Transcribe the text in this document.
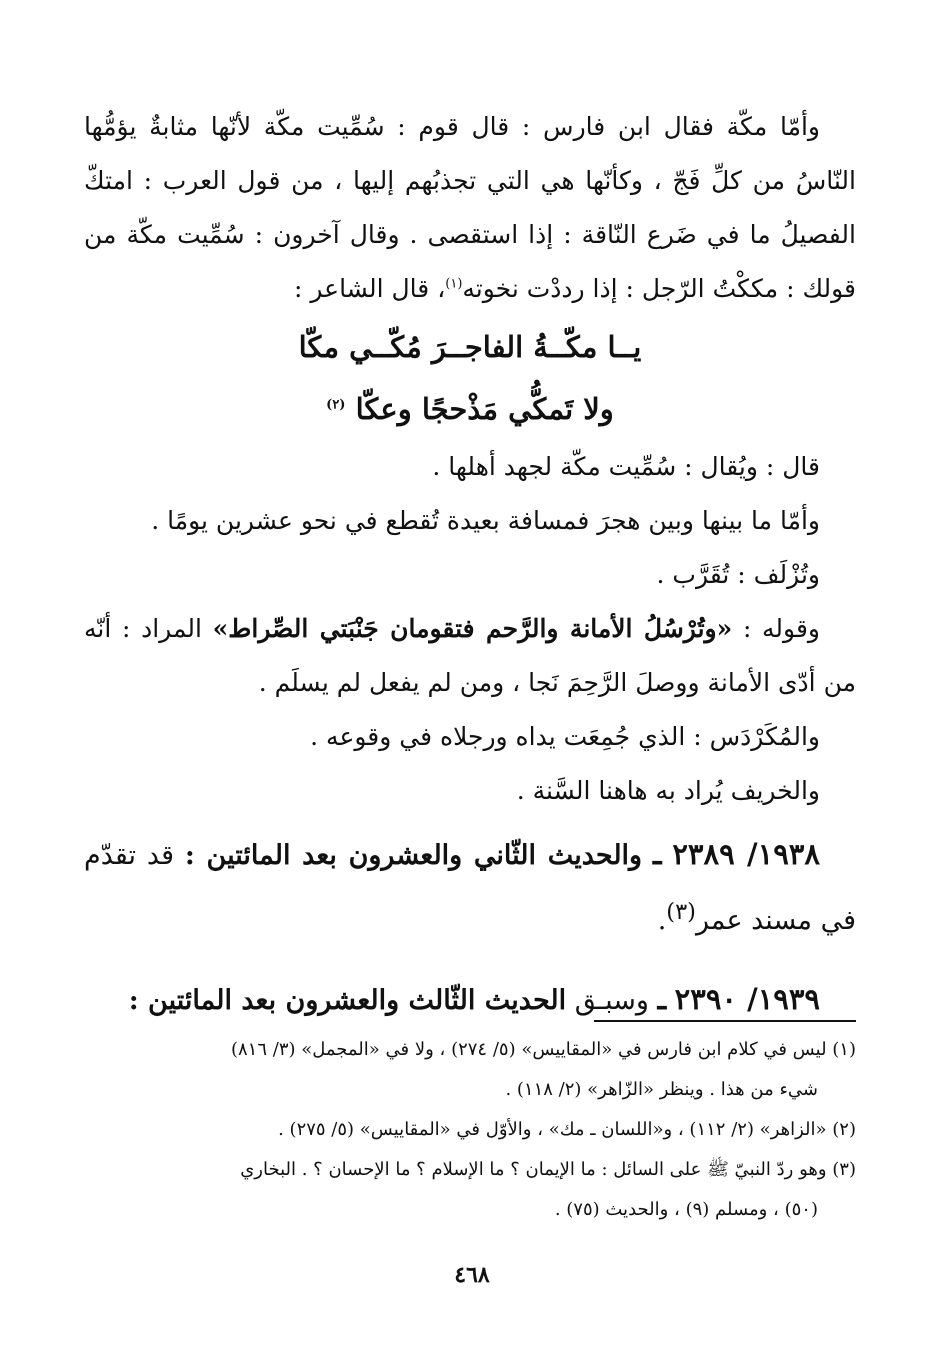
وأمّا مكّة فقال ابن فارس : قال قوم : سُمِّيت مكّة لأنّها مثابةٌ يؤمُّها النّاسُ من كلِّ فَجّ ، وكأنّها هي التي تجذبُهم إليها ، من قول العرب : امتكّ الفصيلُ ما في ضَرع النّاقة : إذا استقصى . وقال آخرون : سُمِّيت مكّة من قولك : مككْتُ الرّجل : إذا رددْت نخوته$^{(١)}$، قال الشاعر :

يــا مكّــةُ الفاجــرَ مُكّــي مكّا

ولا تَمكُّي مَذْحجًا وعكّا $^{(٢)}$

قال : ويُقال : سُمِّيت مكّة لجهد أهلها .

وأمّا ما بينها وبين هجرَ فمسافة بعيدة تُقطع في نحو عشرين يومًا .

وتُزْلَف : تُقَرَّب .

وقوله : «وتُرْسُلُ الأمانة والرَّحم فتقومان جَنْبَتي الصِّراط» المراد : أنّه من أدّى الأمانة ووصلَ الرَّحِمَ نَجا ، ومن لم يفعل لم يسلَم .

والمُكَرْدَس : الذي جُمِعَت يداه ورجلاه في وقوعه .

والخريف يُراد به هاهنا السَّنة .

١٩٣٨/ ٢٣٨٩ ـ والحديث الثّاني والعشرون بعد المائتين : قد تقدّم في مسند عمر$^{(٣)}$.

١٩٣٩/ ٢٣٩٠ ـ وسبـق الحديث الثّالث والعشرون بعد المائتين :

(١) ليس في كلام ابن فارس في «المقاييس» (٥/ ٢٧٤) ، ولا في «المجمل» (٣/ ٨١٦)

شيء من هذا . وينظر «الزّاهر» (٢/ ١١٨) .

(٢) «الزاهر» (٢/ ١١٢) ، و«اللسان ـ مك» ، والأوّل في «المقاييس» (٥/ ٢٧٥) .

(٣) وهو ردّ النبيّ ﷺ على السائل : ما الإيمان ؟ ما الإسلام ؟ ما الإحسان ؟ . البخاري

(٥٠) ، ومسلم (٩) ، والحديث (٧٥) .

٤٦٨
